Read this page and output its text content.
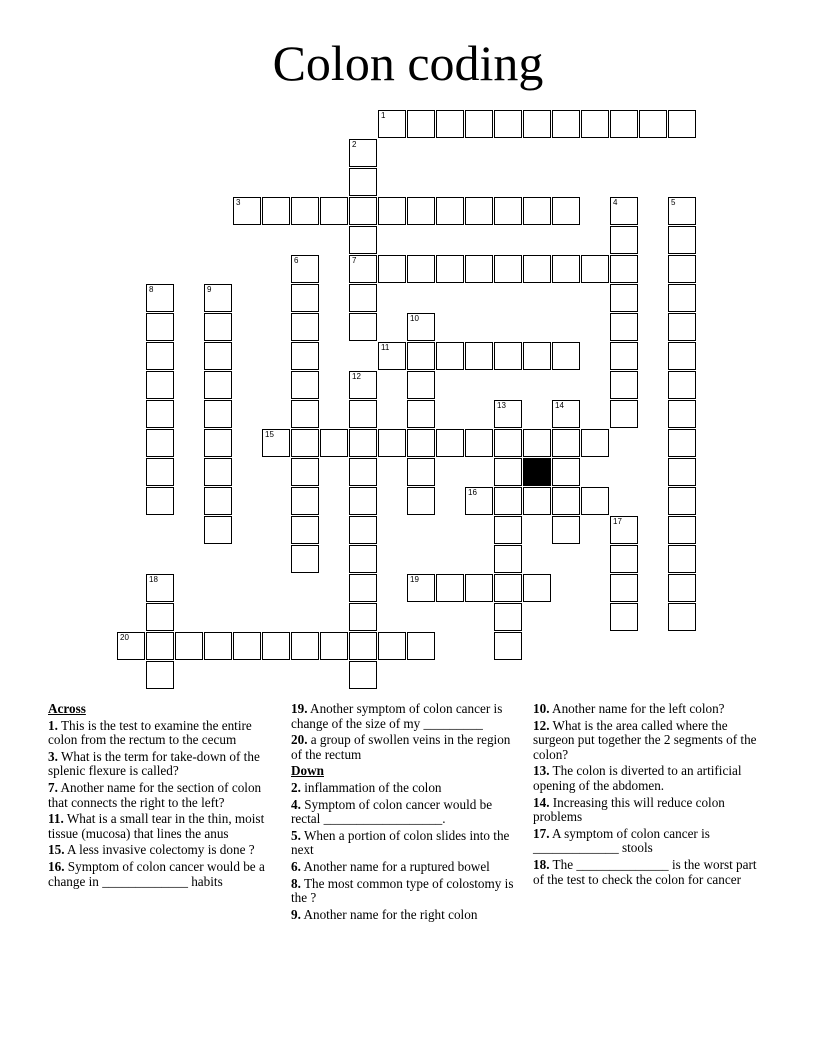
Colon coding
1
2
3	4	5
6	7
8	9
10
11
12
13	14
15
16
17
18	19
20
Across
1. This is the test to examine the entire colon from the rectum to the cecum
3. What is the term for take-down of the splenic flexure is called?
7. Another name for the section of colon that connects the right to the left?
11. What is a small tear in the thin, moist tissue (mucosa) that lines the anus
15. A less invasive colectomy is done ?
16. Symptom of colon cancer would be a change in _____________ habits
19. Another symptom of colon cancer is change of the size of my _________
20. a group of swollen veins in the region of the rectum
Down
2. inflammation of the colon
4. Symptom of colon cancer would be rectal __________________.
5. When a portion of colon slides into the next
6. Another name for a ruptured bowel
8. The most common type of colostomy is the ?
9. Another name for the right colon
10. Another name for the left colon?
12. What is the area called where the surgeon put together the 2 segments of the colon?
13. The colon is diverted to an artificial opening of the abdomen.
14. Increasing this will reduce colon problems
17. A symptom of colon cancer is _____________ stools
18. The ______________ is the worst part of the test to check the colon for cancer
